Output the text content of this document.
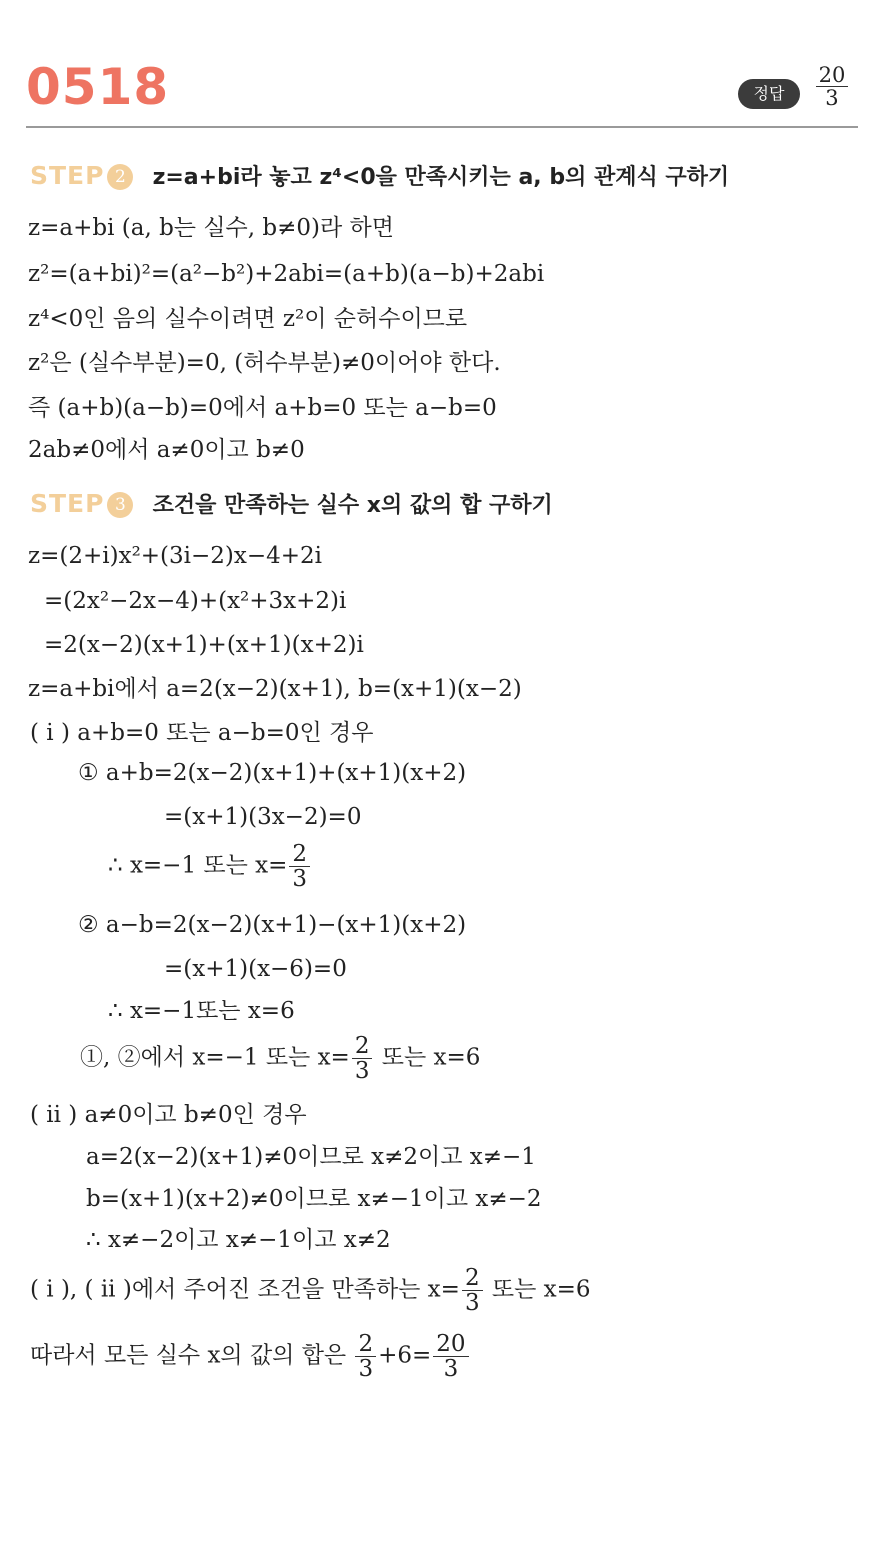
0518	정답	$\frac{20}{3}$
STEP 2 z=a+bi라 놓고 z⁴<0을 만족시키는 a, b의 관계식 구하기
z=a+bi (a, b는 실수, b≠0)라 하면
z²=(a+bi)²=(a²−b²)+2abi=(a+b)(a−b)+2abi
z⁴<0인 음의 실수이려면 z²이 순허수이므로
z²은 (실수부분)=0, (허수부분)≠0이어야 한다.
즉 (a+b)(a−b)=0에서 a+b=0 또는 a−b=0
2ab≠0에서 a≠0이고 b≠0
STEP 3 조건을 만족하는 실수 x의 값의 합 구하기
z=(2+i)x²+(3i−2)x−4+2i
=(2x²−2x−4)+(x²+3x+2)i
=2(x−2)(x+1)+(x+1)(x+2)i
z=a+bi에서 a=2(x−2)(x+1), b=(x+1)(x−2)
( i ) a+b=0 또는 a−b=0인 경우
① a+b=2(x−2)(x+1)+(x+1)(x+2)
=(x+1)(3x−2)=0
∴ x=−1 또는 $x= \frac{2}{3}$
② a−b=2(x−2)(x+1)−(x+1)(x+2)
=(x+1)(x−6)=0
∴ x=−1또는 x=6
①, ②에서 x=−1 또는 $x= \frac{2}{3}$ 또는 x=6
( ii ) a≠0이고 b≠0인 경우
a=2(x−2)(x+1)≠0이므로 x≠2이고 x≠−1
b=(x+1)(x+2)≠0이므로 x≠−1이고 x≠−2
∴ x≠−2이고 x≠−1이고 x≠2
( i ), ( ii )에서 주어진 조건을 만족하는 $x= \frac{2}{3}$ 또는 x=6
따라서 모든 실수 x의 값의 합은 $\frac{2}{3} +6= \frac{20}{3}$
